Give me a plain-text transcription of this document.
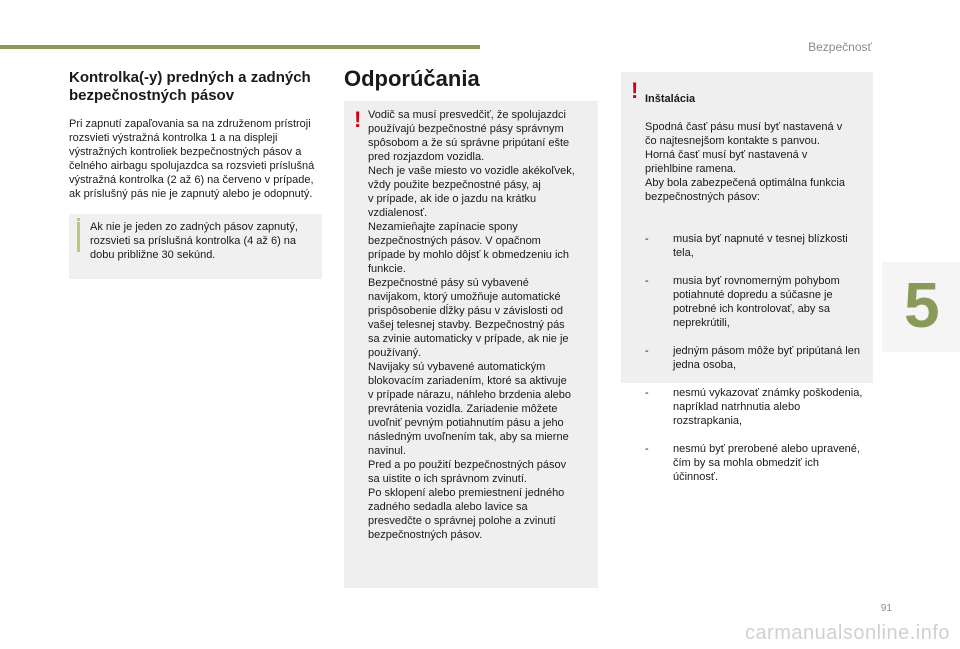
Bezpečnosť
5
Kontrolka(-y) predných a zadných
bezpečnostných pásov
Pri zapnutí zapaľovania sa na združenom prístroji rozsvieti výstražná kontrolka 1 a na displeji výstražných kontroliek bezpečnostných pásov a čelného airbagu spolujazdca sa rozsvieti príslušná výstražná kontrolka (2 až 6) na červeno v prípade, ak príslušný pás nie je zapnutý alebo je odopnutý.
Ak nie je jeden zo zadných pásov zapnutý, rozsvieti sa príslušná kontrolka (4 až 6) na dobu približne 30 sekúnd.
Odporúčania
! Vodič sa musí presvedčiť, že spolujazdci
používajú bezpečnostné pásy správnym
spôsobom a že sú správne pripútaní ešte
pred rozjazdom vozidla.
Nech je vaše miesto vo vozidle akékoľvek,
vždy použite bezpečnostné pásy, aj
v prípade, ak ide o jazdu na krátku
vzdialenosť.
Nezamieňajte zapínacie spony
bezpečnostných pásov. V opačnom
prípade by mohlo dôjsť k obmedzeniu ich
funkcie.
Bezpečnostné pásy sú vybavené
navijakom, ktorý umožňuje automatické
prispôsobenie dĺžky pásu v závislosti od
vašej telesnej stavby. Bezpečnostný pás
sa zvinie automaticky v prípade, ak nie je
používaný.
Navijaky sú vybavené automatickým
blokovacím zariadením, ktoré sa aktivuje
v prípade nárazu, náhleho brzdenia alebo
prevrátenia vozidla. Zariadenie môžete
uvoľniť pevným potiahnutím pásu a jeho
následným uvoľnením tak, aby sa mierne
navinul.
Pred a po použití bezpečnostných pásov
sa uistite o ich správnom zvinutí.
Po sklopení alebo premiestnení jedného
zadného sedadla alebo lavice sa
presvedčte o správnej polohe a zvinutí
bezpečnostných pásov.
! Inštalácia

Spodná časť pásu musí byť nastavená v
čo najtesnejšom kontakte s panvou.
Horná časť musí byť nastavená v
priehlbine ramena.
Aby bola zabezpečená optimálna funkcia
bezpečnostných pásov:

- musia byť napnuté v tesnej blízkosti
tela,

- musia byť rovnomerným pohybom
potiahnuté dopredu a súčasne je
potrebné ich kontrolovať, aby sa
neprekrútili,

- jedným pásom môže byť pripútaná len
jedna osoba,

- nesmú vykazovať známky poškodenia,
napríklad natrhnutia alebo
rozstrapkania,

- nesmú byť prerobené alebo upravené,
čím by sa mohla obmedziť ich
účinnosť.

91
carmanualsonline.info
